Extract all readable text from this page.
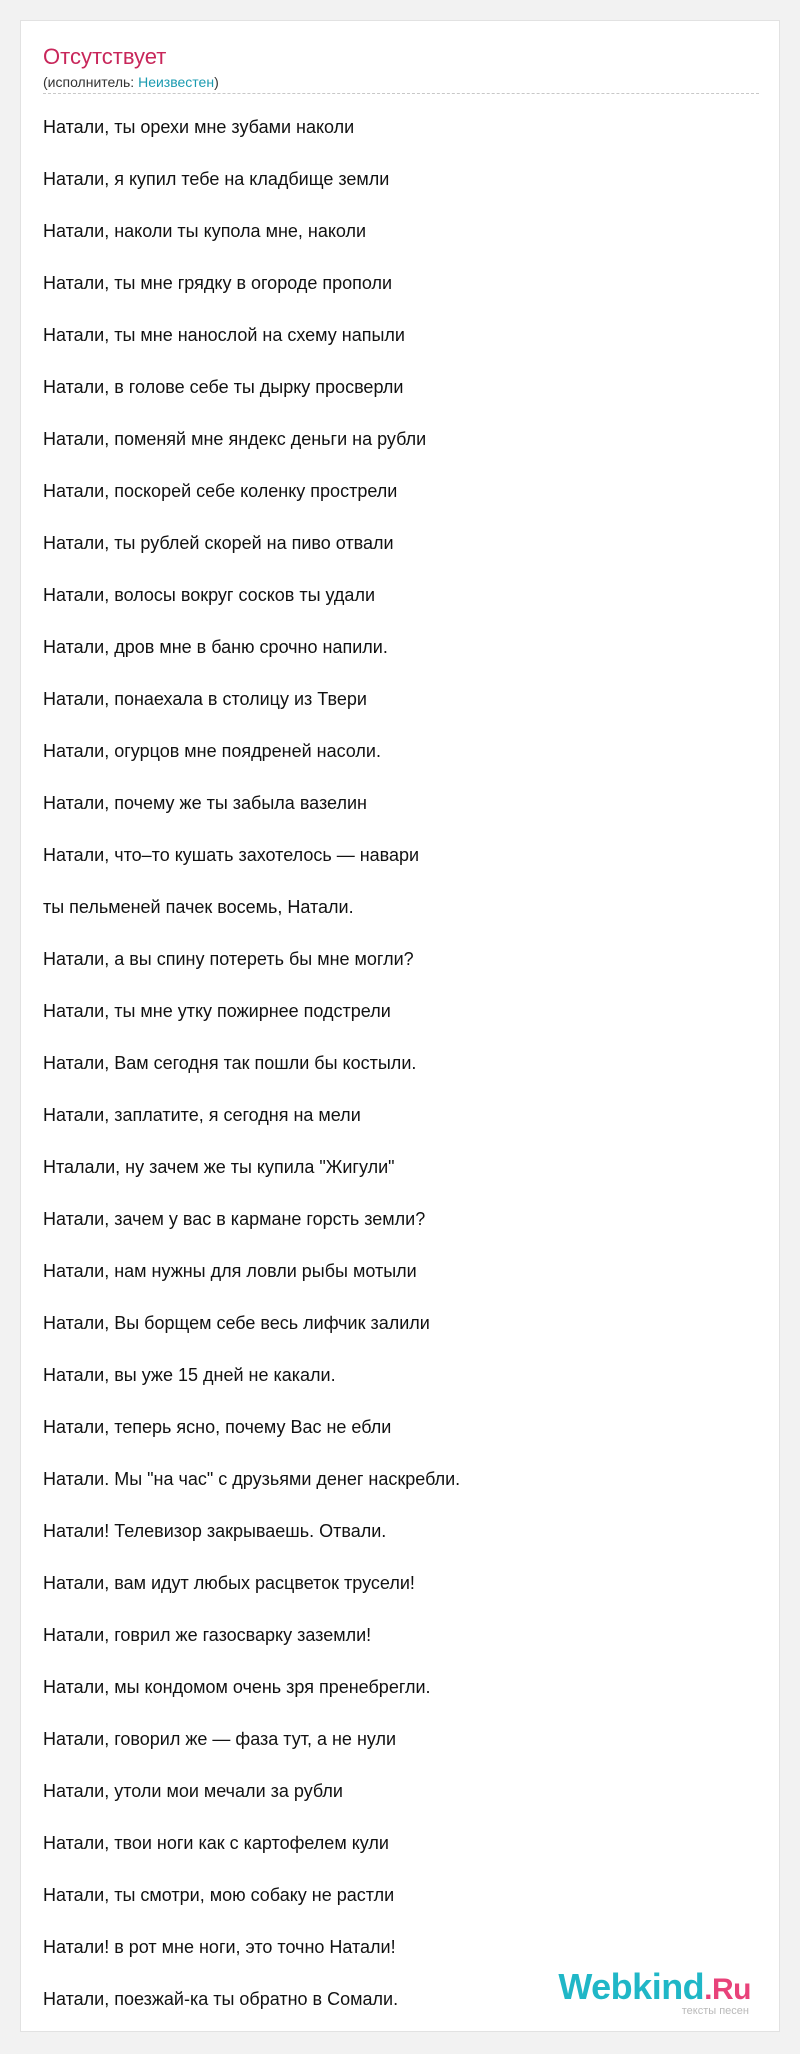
Отсутствует
(исполнитель: Неизвестен)
Натали, ты орехи мне зубами наколи
Натали, я купил тебе на кладбище земли
Натали, наколи ты купола мне, наколи
Натали, ты мне грядку в огороде прополи
Натали, ты мне нанослой на схему напыли
Натали, в голове себе ты дырку просверли
Натали, поменяй мне яндекс деньги на рубли
Натали, поскорей себе коленку прострели
Натали, ты рублей скорей на пиво отвали
Натали, волосы вокруг сосков ты удали
Натали, дров мне в баню срочно напили.
Натали, понаехала в столицу из Твери
Натали, огурцов мне поядреней насоли.
Натали, почему же ты забыла вазелин
Натали, что–то кушать захотелось — навари
ты пельменей пачек восемь, Натали.
Натали, а вы спину потереть бы мне могли?
Натали, ты мне утку пожирнее подстрели
Натали, Вам сегодня так пошли бы костыли.
Натали, заплатите, я сегодня на мели
Нталали, ну зачем же ты купила "Жигули"
Натали, зачем у вас в кармане горсть земли?
Натали, нам нужны для ловли рыбы мотыли
Натали, Вы борщем себе весь лифчик залили
Натали, вы уже 15 дней не какали.
Натали, теперь ясно, почему Вас не ебли
Натали. Мы "на час" с друзьями денег наскребли.
Натали! Телевизор закрываешь. Отвали.
Натали, вам идут любых расцветок трусели!
Натали, говрил же газосварку заземли!
Натали, мы кондомом очень зря пренебрегли.
Натали, говорил же — фаза тут, а не нули
Натали, утоли мои мечали за рубли
Натали, твои ноги как с картофелем кули
Натали, ты смотри, мою собаку не растли
Натали! в рот мне ноги, это точно Натали!
Натали, поезжай-ка ты обратно в Сомали.	Webkind.Ru
тексты песен
